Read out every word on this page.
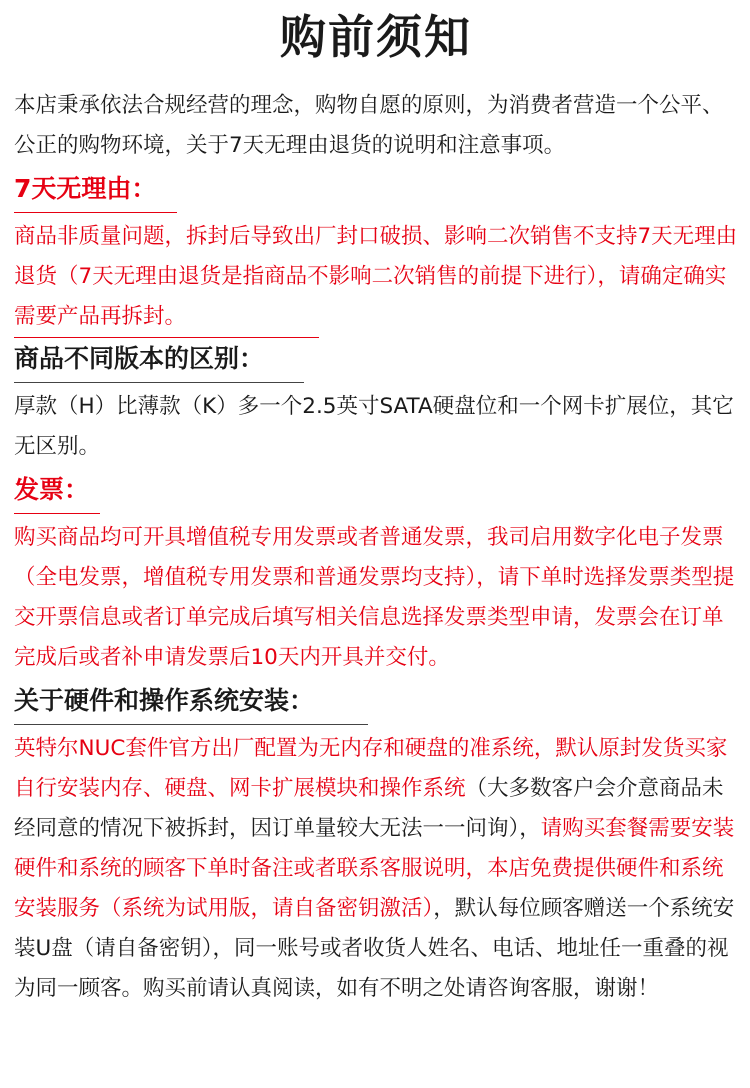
购前须知

本店秉承依法合规经营的理念，购物自愿的原则，为消费者营造一个公平、公正的购物环境，关于7天无理由退货的说明和注意事项。

7天无理由：

商品非质量问题，拆封后导致出厂封口破损、影响二次销售不支持7天无理由退货（7天无理由退货是指商品不影响二次销售的前提下进行），请确定确实需要产品再拆封。

商品不同版本的区别：

厚款（H）比薄款（K）多一个2.5英寸SATA硬盘位和一个网卡扩展位，其它无区别。

发票：

购买商品均可开具增值税专用发票或者普通发票，我司启用数字化电子发票（全电发票，增值税专用发票和普通发票均支持），请下单时选择发票类型提交开票信息或者订单完成后填写相关信息选择发票类型申请，发票会在订单完成后或者补申请发票后10天内开具并交付。

关于硬件和操作系统安装：

英特尔NUC套件官方出厂配置为无内存和硬盘的准系统，默认原封发货买家自行安装内存、硬盘、网卡扩展模块和操作系统（大多数客户会介意商品未经同意的情况下被拆封，因订单量较大无法一一问询），请购买套餐需要安装硬件和系统的顾客下单时备注或者联系客服说明，本店免费提供硬件和系统安装服务（系统为试用版，请自备密钥激活），默认每位顾客赠送一个系统安装U盘（请自备密钥），同一账号或者收货人姓名、电话、地址任一重叠的视为同一顾客。购买前请认真阅读，如有不明之处请咨询客服，谢谢！
